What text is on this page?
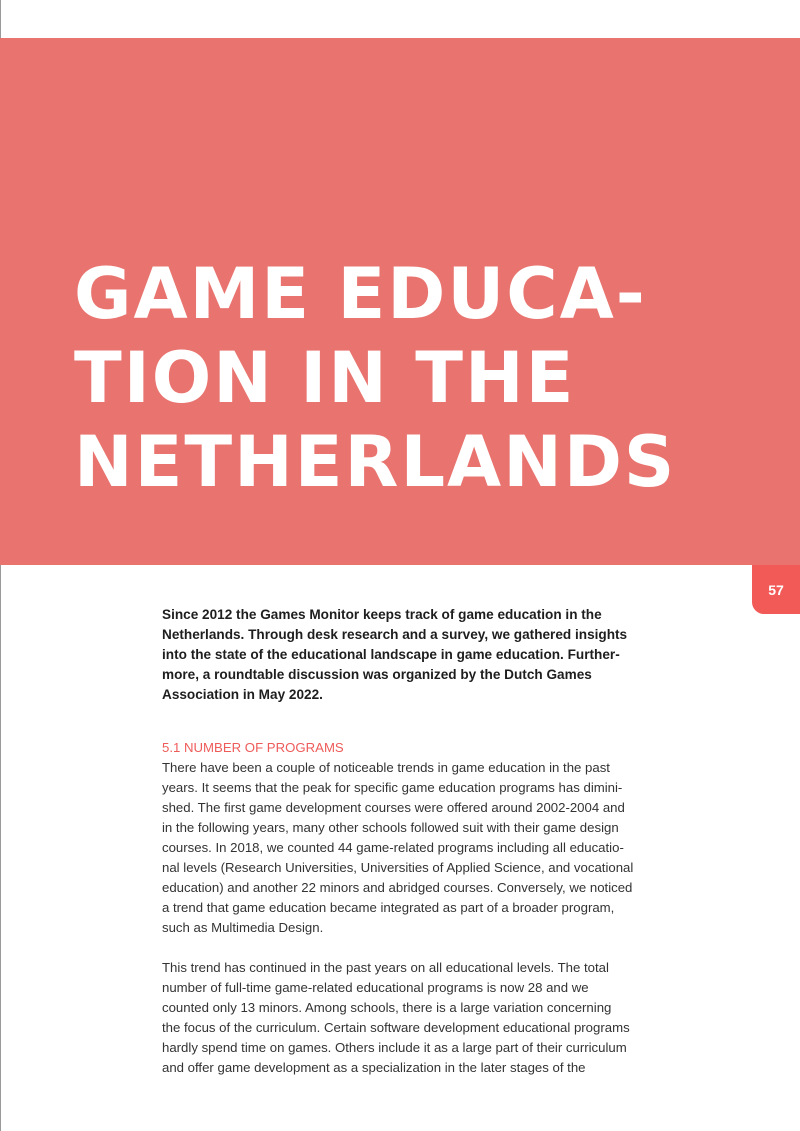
GAME EDUCA-
TION IN THE
NETHERLANDS
57

Since 2012 the Games Monitor keeps track of game education in the
Netherlands. Through desk research and a survey, we gathered insights
into the state of the educational landscape in game education. Further-
more, a roundtable discussion was organized by the Dutch Games
Association in May 2022.

5.1 NUMBER OF PROGRAMS

There have been a couple of noticeable trends in game education in the past
years. It seems that the peak for specific game education programs has dimini-
shed. The first game development courses were offered around 2002-2004 and
in the following years, many other schools followed suit with their game design
courses. In 2018, we counted 44 game-related programs including all educatio-
nal levels (Research Universities, Universities of Applied Science, and vocational
education) and another 22 minors and abridged courses. Conversely, we noticed
a trend that game education became integrated as part of a broader program,
such as Multimedia Design.

This trend has continued in the past years on all educational levels. The total
number of full-time game-related educational programs is now 28 and we
counted only 13 minors. Among schools, there is a large variation concerning
the focus of the curriculum. Certain software development educational programs
hardly spend time on games. Others include it as a large part of their curriculum
and offer game development as a specialization in the later stages of the
